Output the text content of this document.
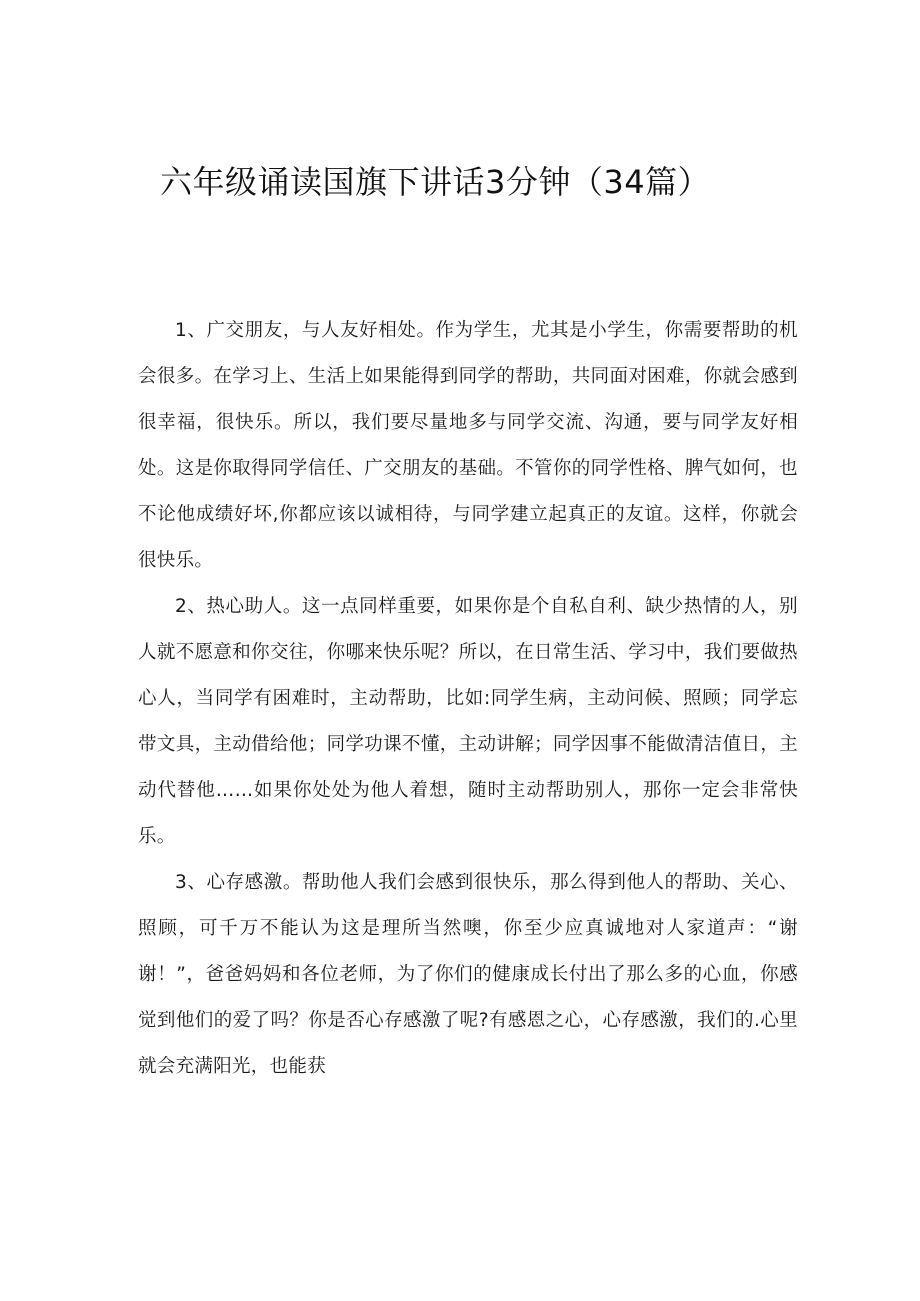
六年级诵读国旗下讲话3分钟（34篇）

1、广交朋友，与人友好相处。作为学生，尤其是小学生，你需要帮助的机会很多。在学习上、生活上如果能得到同学的帮助，共同面对困难，你就会感到很幸福，很快乐。所以，我们要尽量地多与同学交流、沟通，要与同学友好相处。这是你取得同学信任、广交朋友的基础。不管你的同学性格、脾气如何，也不论他成绩好坏,你都应该以诚相待，与同学建立起真正的友谊。这样，你就会很快乐。

2、热心助人。这一点同样重要，如果你是个自私自利、缺少热情的人，别人就不愿意和你交往，你哪来快乐呢？所以，在日常生活、学习中，我们要做热心人，当同学有困难时，主动帮助，比如:同学生病，主动问候、照顾；同学忘带文具，主动借给他；同学功课不懂，主动讲解；同学因事不能做清洁值日，主动代替他……如果你处处为他人着想，随时主动帮助别人，那你一定会非常快乐。

3、心存感激。帮助他人我们会感到很快乐，那么得到他人的帮助、关心、照顾，可千万不能认为这是理所当然噢，你至少应真诚地对人家道声：“谢谢！”，爸爸妈妈和各位老师，为了你们的健康成长付出了那么多的心血，你感觉到他们的爱了吗？你是否心存感激了呢?有感恩之心，心存感激，我们的.心里就会充满阳光，也能获
